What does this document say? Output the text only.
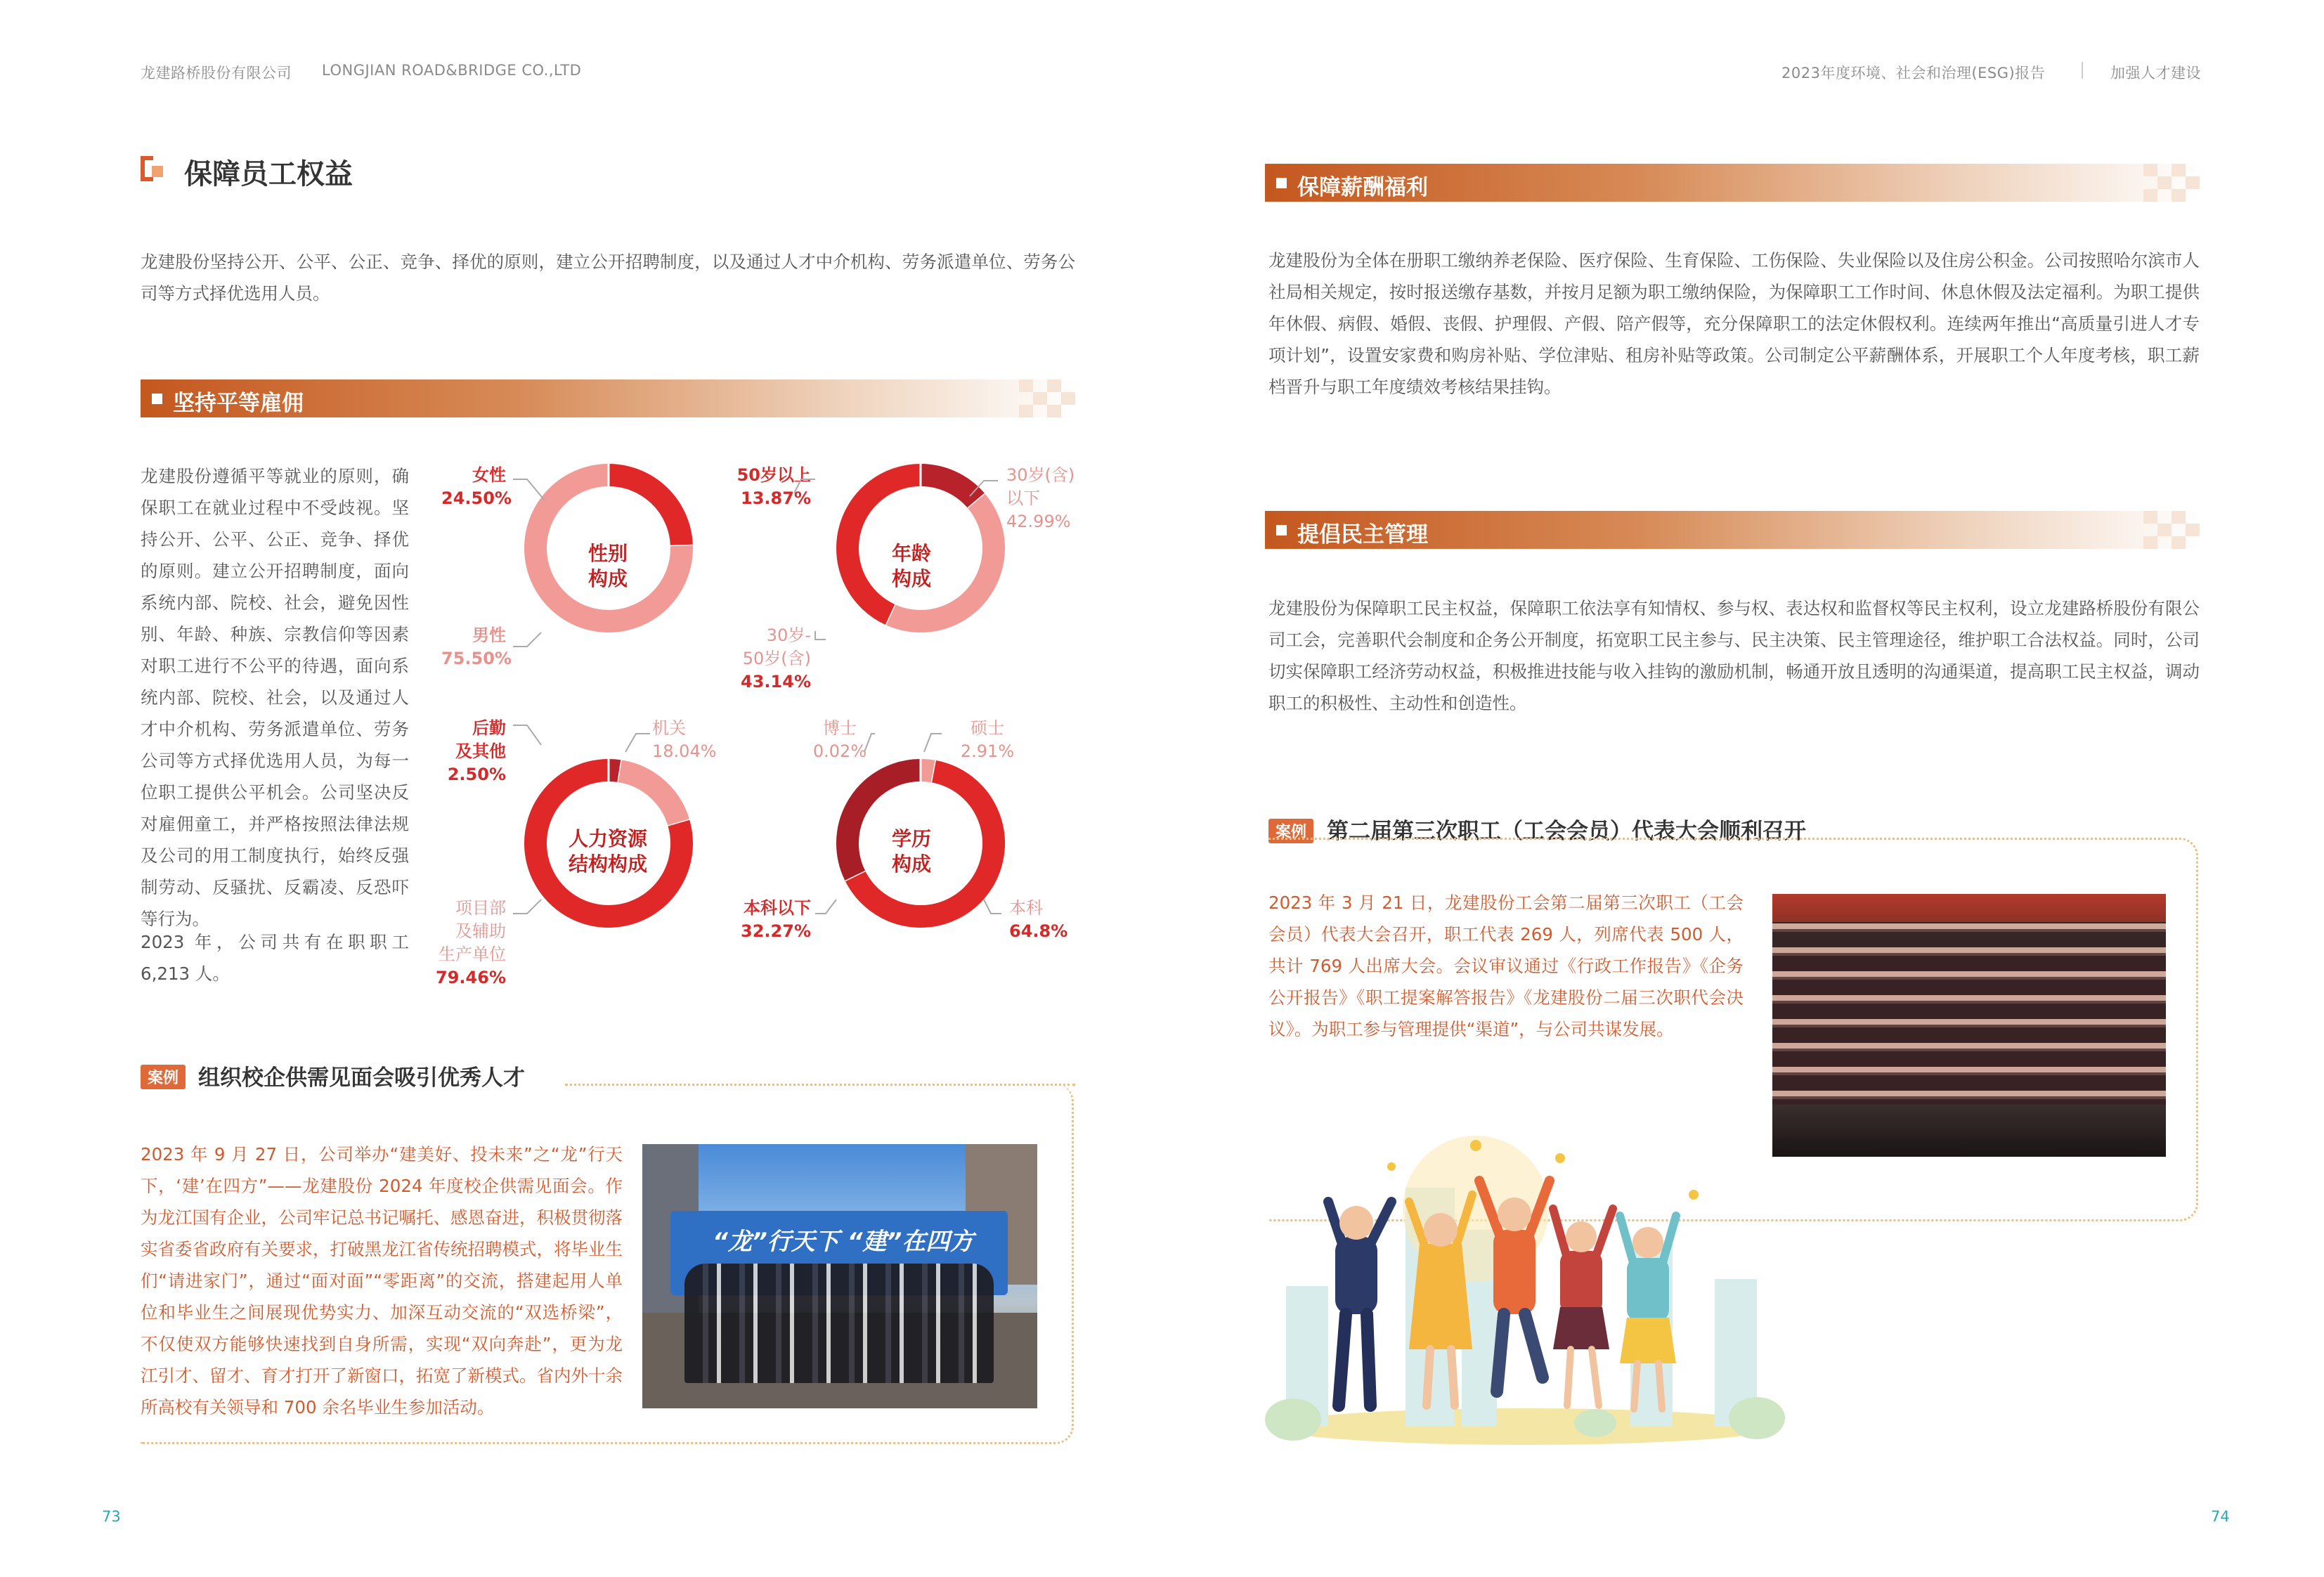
龙建路桥股份有限公司 LONGJIAN ROAD&BRIDGE CO.,LTD	2023年度环境、社会和治理(ESG)报告	加强人才建设
保障员工权益
龙建股份坚持公开、公平、公正、竞争、择优的原则，建立公开招聘制度，以及通过人才中介机构、劳务派遣单位、劳务公司等方式择优选用人员。
坚持平等雇佣
龙建股份遵循平等就业的原则，确保职工在就业过程中不受歧视。坚持公开、公平、公正、竞争、择优的原则。建立公开招聘制度，面向系统内部、院校、社会，避免因性别、年龄、种族、宗教信仰等因素对职工进行不公平的待遇，面向系统内部、院校、社会，以及通过人才中介机构、劳务派遣单位、劳务公司等方式择优选用人员，为每一位职工提供公平机会。公司坚决反对雇佣童工，并严格按照法律法规及公司的用工制度执行，始终反强制劳动、反骚扰、反霸凌、反恐吓等行为。
2023 年，公司共有在职职工 6,213 人。
性别
构成
女性
24.50%
男性
75.50%
年龄
构成
50岁以上
13.87%
30岁(含)
以下
42.99%
30岁-
50岁(含)
43.14%
人力资源
结构构成
后勤
及其他
2.50%
机关
18.04%
项目部
及辅助
生产单位
79.46%
学历
构成
博士
0.02%
硕士
2.91%
本科以下
32.27%
本科
64.8%
案例 组织校企供需见面会吸引优秀人才
2023 年 9 月 27 日，公司举办“建美好、投未来”之“龙”行天下，‘建’在四方”——龙建股份 2024 年度校企供需见面会。作为龙江国有企业，公司牢记总书记嘱托、感恩奋进，积极贯彻落实省委省政府有关要求，打破黑龙江省传统招聘模式，将毕业生们“请进家门”，通过“面对面”“零距离”的交流，搭建起用人单位和毕业生之间展现优势实力、加深互动交流的“双选桥梁”，不仅使双方能够快速找到自身所需，实现“双向奔赴”，更为龙江引才、留才、育才打开了新窗口，拓宽了新模式。省内外十余所高校有关领导和 700 余名毕业生参加活动。
“龙”行天下 “建”在四方
73
保障薪酬福利
龙建股份为全体在册职工缴纳养老保险、医疗保险、生育保险、工伤保险、失业保险以及住房公积金。公司按照哈尔滨市人社局相关规定，按时报送缴存基数，并按月足额为职工缴纳保险，为保障职工工作时间、休息休假及法定福利。为职工提供年休假、病假、婚假、丧假、护理假、产假、陪产假等，充分保障职工的法定休假权利。连续两年推出“高质量引进人才专项计划”，设置安家费和购房补贴、学位津贴、租房补贴等政策。公司制定公平薪酬体系，开展职工个人年度考核，职工薪档晋升与职工年度绩效考核结果挂钩。
提倡民主管理
龙建股份为保障职工民主权益，保障职工依法享有知情权、参与权、表达权和监督权等民主权利，设立龙建路桥股份有限公司工会，完善职代会制度和企务公开制度，拓宽职工民主参与、民主决策、民主管理途径，维护职工合法权益。同时，公司切实保障职工经济劳动权益，积极推进技能与收入挂钩的激励机制，畅通开放且透明的沟通渠道，提高职工民主权益，调动职工的积极性、主动性和创造性。
案例 第二届第三次职工（工会会员）代表大会顺利召开
2023 年 3 月 21 日，龙建股份工会第二届第三次职工（工会会员）代表大会召开，职工代表 269 人，列席代表 500 人，共计 769 人出席大会。会议审议通过《行政工作报告》《企务公开报告》《职工提案解答报告》《龙建股份二届三次职代会决议》。为职工参与管理提供“渠道”，与公司共谋发展。
74
